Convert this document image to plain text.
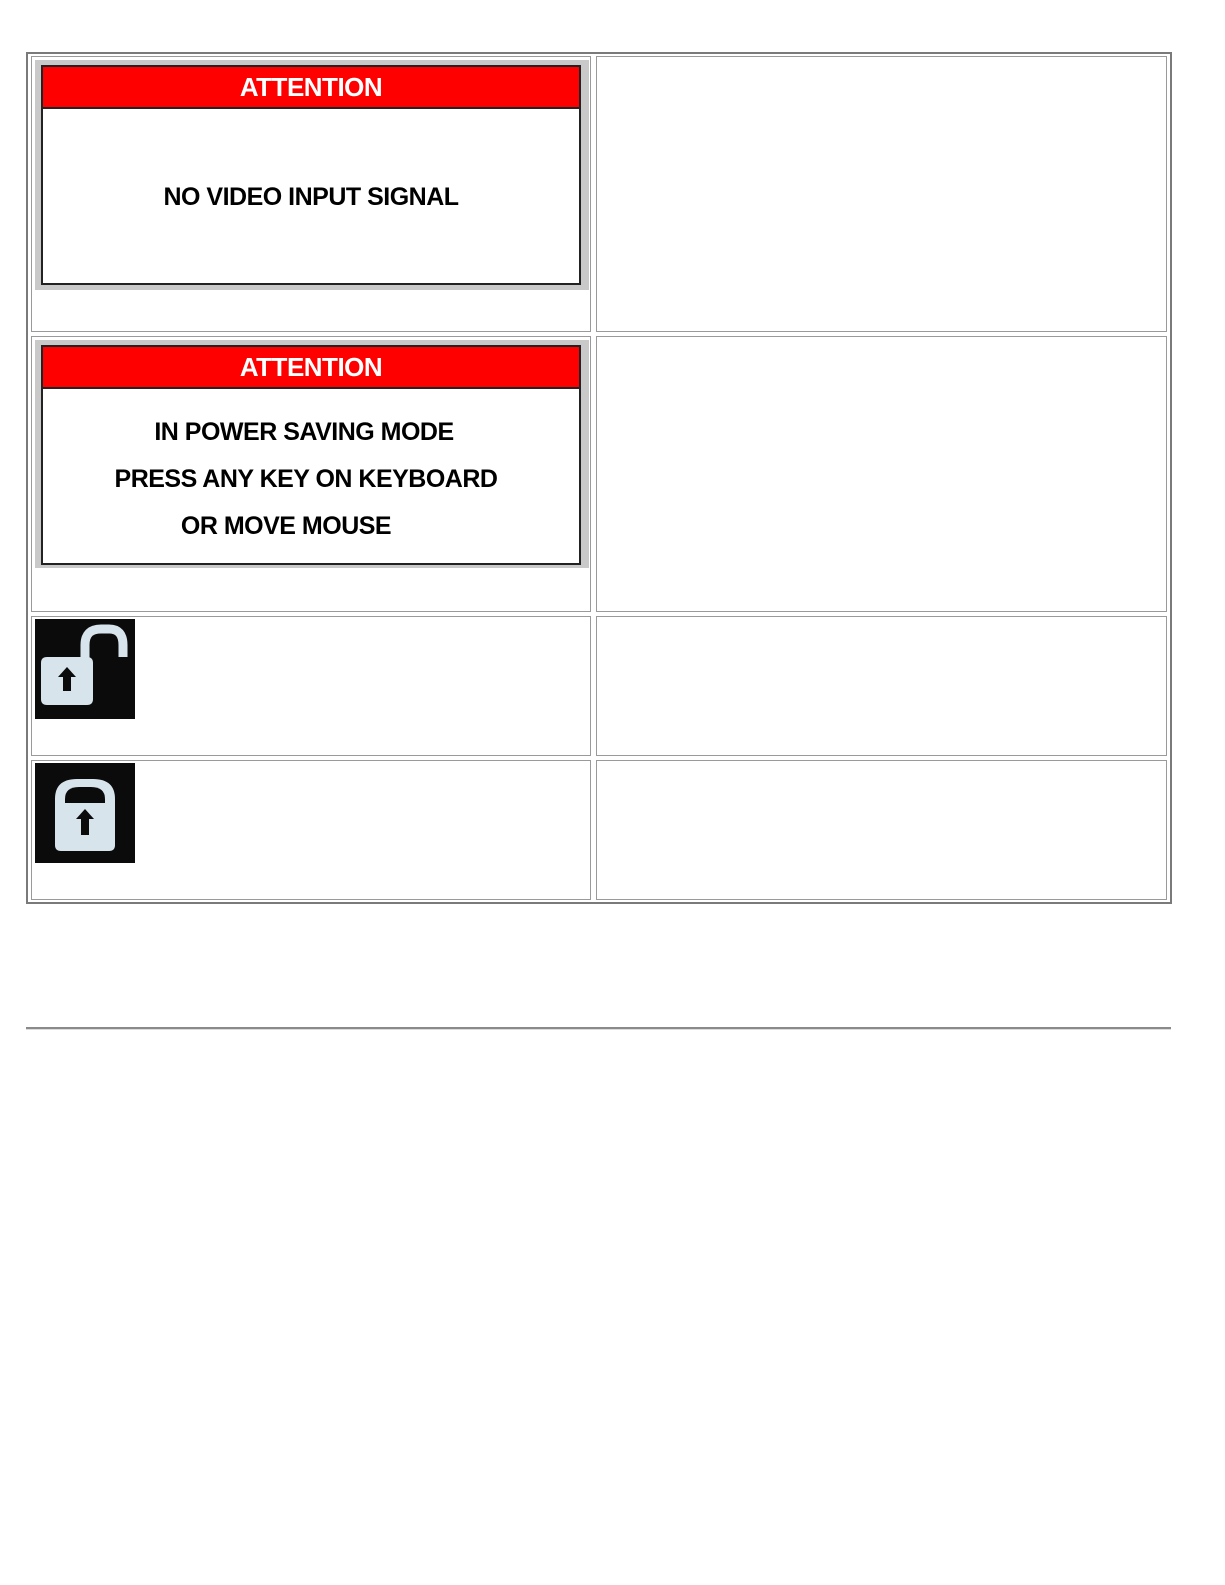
ATTENTION
NO VIDEO INPUT SIGNAL
ATTENTION
IN POWER SAVING MODE
PRESS ANY KEY ON KEYBOARD
OR MOVE MOUSE
